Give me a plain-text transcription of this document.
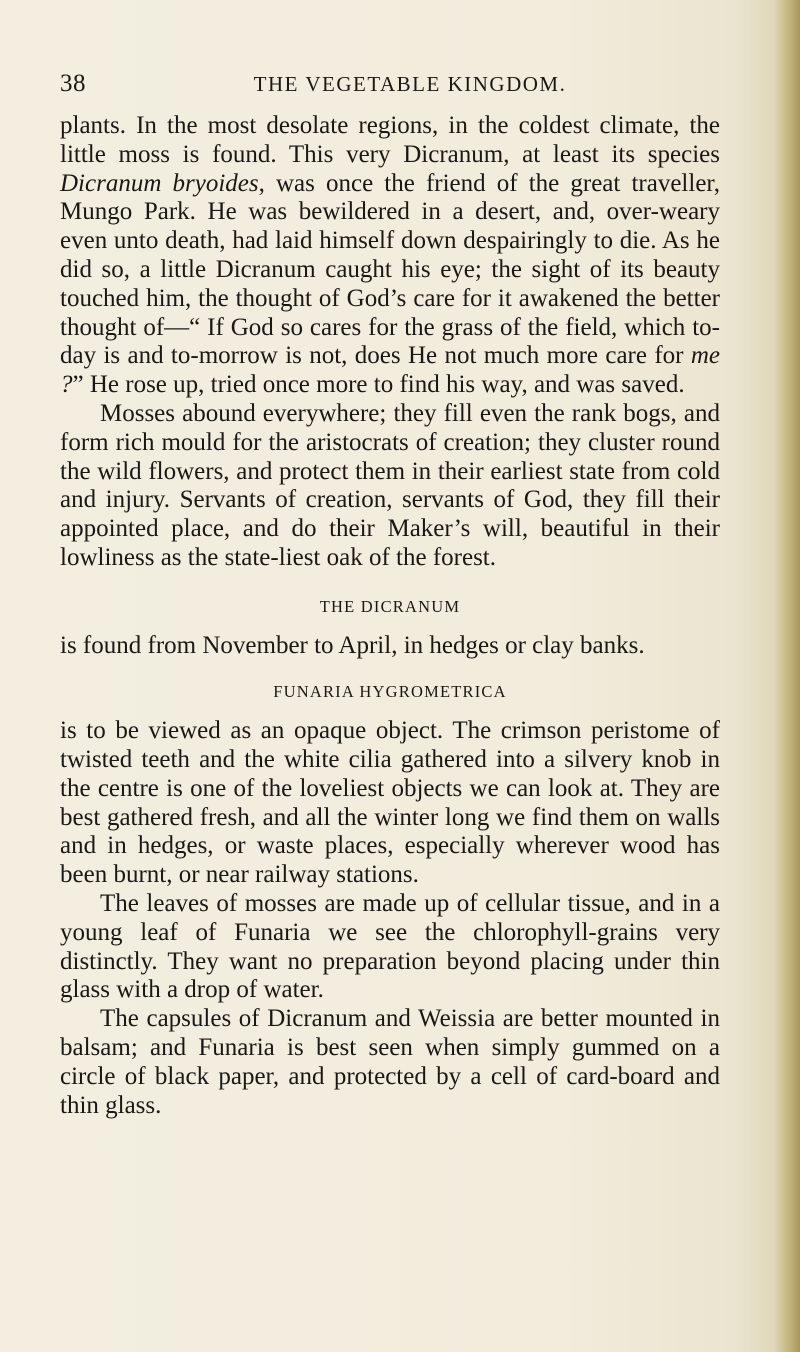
38	THE VEGETABLE KINGDOM.

plants. In the most desolate regions, in the coldest climate, the little moss is found. This very Dicranum, at least its species Dicranum bryoides, was once the friend of the great traveller, Mungo Park. He was bewildered in a desert, and, over-weary even unto death, had laid himself down despairingly to die. As he did so, a little Dicranum caught his eye; the sight of its beauty touched him, the thought of God’s care for it awakened the better thought of—“ If God so cares for the grass of the field, which to-day is and to-morrow is not, does He not much more care for me ?” He rose up, tried once more to find his way, and was saved.

Mosses abound everywhere; they fill even the rank bogs, and form rich mould for the aristocrats of creation; they cluster round the wild flowers, and protect them in their earliest state from cold and injury. Servants of creation, servants of God, they fill their appointed place, and do their Maker’s will, beautiful in their lowliness as the state-liest oak of the forest.

THE DICRANUM

is found from November to April, in hedges or clay banks.

FUNARIA HYGROMETRICA

is to be viewed as an opaque object. The crimson peristome of twisted teeth and the white cilia gathered into a silvery knob in the centre is one of the loveliest objects we can look at. They are best gathered fresh, and all the winter long we find them on walls and in hedges, or waste places, especially wherever wood has been burnt, or near railway stations.

The leaves of mosses are made up of cellular tissue, and in a young leaf of Funaria we see the chlorophyll-grains very distinctly. They want no preparation beyond placing under thin glass with a drop of water.

The capsules of Dicranum and Weissia are better mounted in balsam; and Funaria is best seen when simply gummed on a circle of black paper, and protected by a cell of card-board and thin glass.
